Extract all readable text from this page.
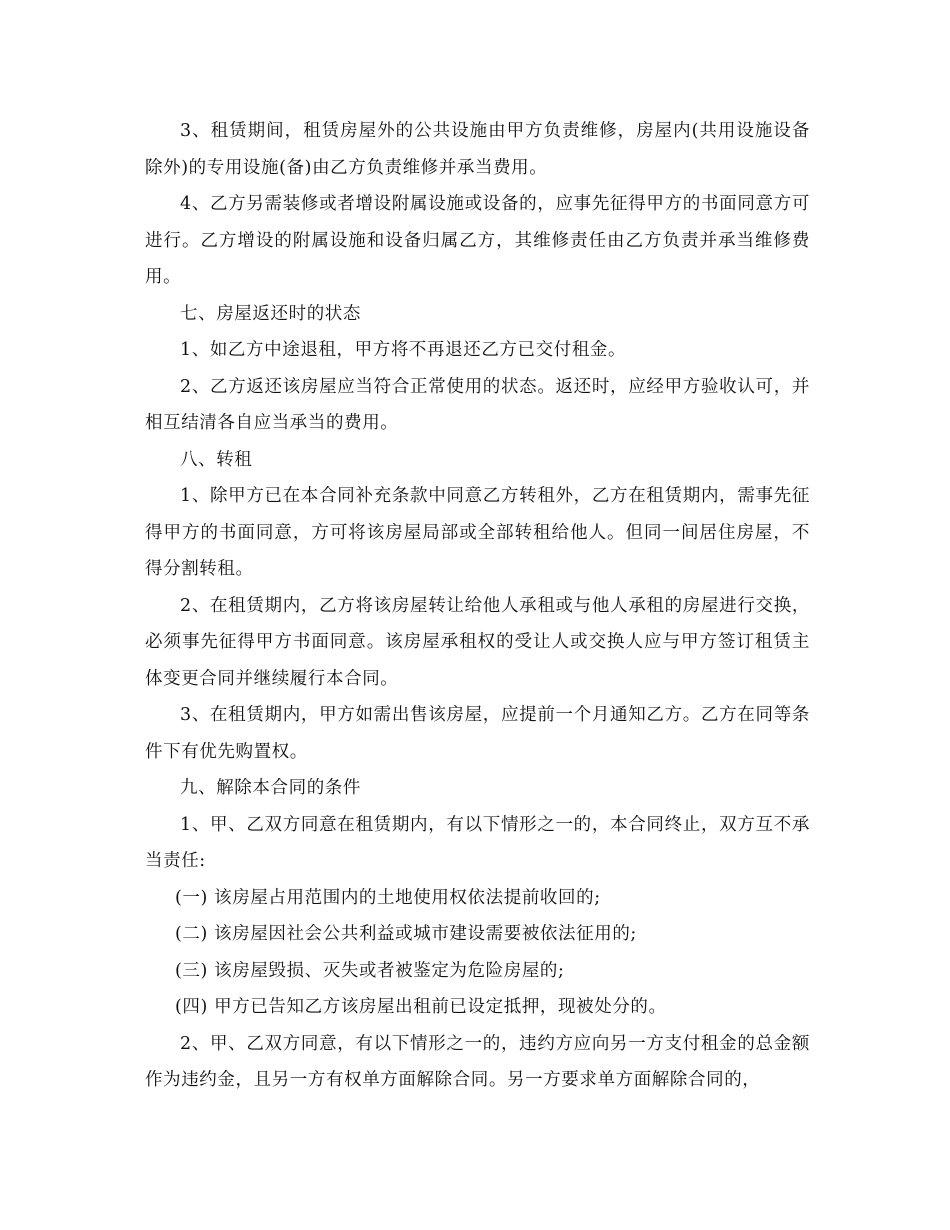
3、租赁期间，租赁房屋外的公共设施由甲方负责维修，房屋内(共用设施设备除外)的专用设施(备)由乙方负责维修并承当费用。

4、乙方另需装修或者增设附属设施或设备的，应事先征得甲方的书面同意方可进行。乙方增设的附属设施和设备归属乙方，其维修责任由乙方负责并承当维修费用。

七、房屋返还时的状态

1、如乙方中途退租，甲方将不再退还乙方已交付租金。

2、乙方返还该房屋应当符合正常使用的状态。返还时，应经甲方验收认可，并相互结清各自应当承当的费用。

八、转租

1、除甲方已在本合同补充条款中同意乙方转租外，乙方在租赁期内，需事先征得甲方的书面同意，方可将该房屋局部或全部转租给他人。但同一间居住房屋，不得分割转租。

2、在租赁期内，乙方将该房屋转让给他人承租或与他人承租的房屋进行交换，必须事先征得甲方书面同意。该房屋承租权的受让人或交换人应与甲方签订租赁主体变更合同并继续履行本合同。

3、在租赁期内，甲方如需出售该房屋，应提前一个月通知乙方。乙方在同等条件下有优先购置权。

九、解除本合同的条件

1、甲、乙双方同意在租赁期内，有以下情形之一的，本合同终止，双方互不承当责任:

(一) 该房屋占用范围内的土地使用权依法提前收回的;

(二) 该房屋因社会公共利益或城市建设需要被依法征用的;

(三) 该房屋毁损、灭失或者被鉴定为危险房屋的;

(四) 甲方已告知乙方该房屋出租前已设定抵押，现被处分的。

2、甲、乙双方同意，有以下情形之一的，违约方应向另一方支付租金的总金额作为违约金，且另一方有权单方面解除合同。另一方要求单方面解除合同的，
